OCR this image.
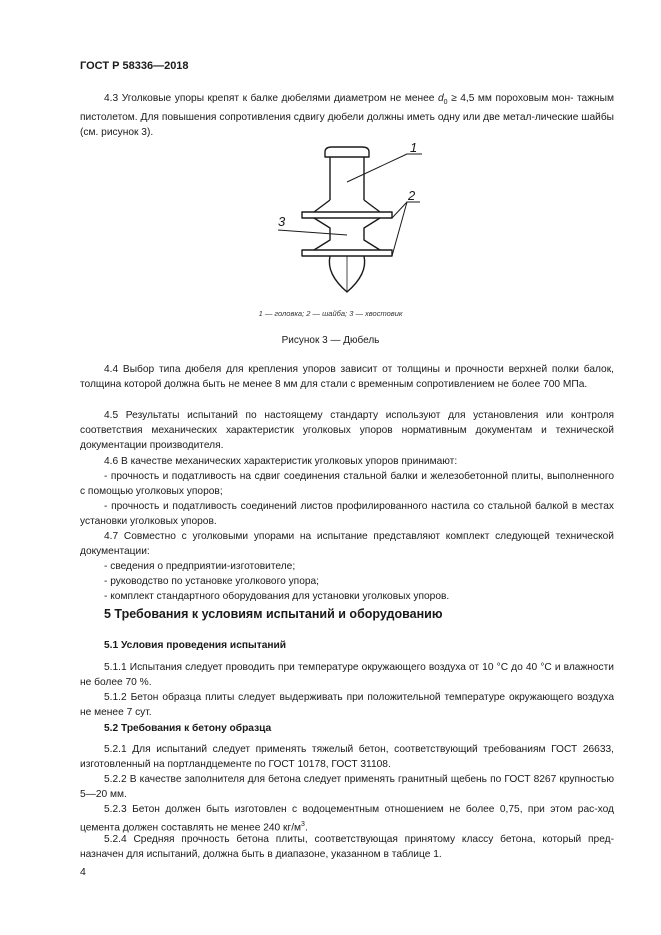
ГОСТ Р 58336—2018

4.3 Уголковые упоры крепят к балке дюбелями диаметром не менее $d_0 \ge 4,5$ мм пороховым мон- тажным пистолетом. Для повышения сопротивления сдвигу дюбели должны иметь одну или две метал-лические шайбы (см. рисунок 3).

1
2
3
1 — головка; 2 — шайба; 3 — хвостовик
Рисунок 3 — Дюбель

4.4 Выбор типа дюбеля для крепления упоров зависит от толщины и прочности верхней полки балок, толщина которой должна быть не менее 8 мм для стали с временным сопротивлением не более 700 МПа.

4.5 Результаты испытаний по настоящему стандарту используют для установления или контроля соответствия механических характеристик уголковых упоров нормативным документам и технической документации производителя.

4.6 В качестве механических характеристик уголковых упоров принимают:

- прочность и податливость на сдвиг соединения стальной балки и железобетонной плиты, выполненного с помощью уголковых упоров;

- прочность и податливость соединений листов профилированного настила со стальной балкой в местах установки уголковых упоров.

4.7 Совместно с уголковыми упорами на испытание представляют комплект следующей технической документации:

- сведения о предприятии-изготовителе;

- руководство по установке уголкового упора;

- комплект стандартного оборудования для установки уголковых упоров.

5 Требования к условиям испытаний и оборудованию
5.1 Условия проведения испытаний

5.1.1 Испытания следует проводить при температуре окружающего воздуха от 10 °С до 40 °С и влажности не более 70 %.

5.1.2 Бетон образца плиты следует выдерживать при положительной температуре окружающего воздуха не менее 7 сут.

5.2 Требования к бетону образца

5.2.1 Для испытаний следует применять тяжелый бетон, соответствующий требованиям ГОСТ 26633, изготовленный на портландцементе по ГОСТ 10178, ГОСТ 31108.

5.2.2 В качестве заполнителя для бетона следует применять гранитный щебень по ГОСТ 8267 крупностью 5—20 мм.

5.2.3 Бетон должен быть изготовлен с водоцементным отношением не более 0,75, при этом рас-ход цемента должен составлять не менее 240 $кг/м^3$.

5.2.4 Средняя прочность бетона плиты, соответствующая принятому классу бетона, который пред-назначен для испытаний, должна быть в диапазоне, указанном в таблице 1.

4
